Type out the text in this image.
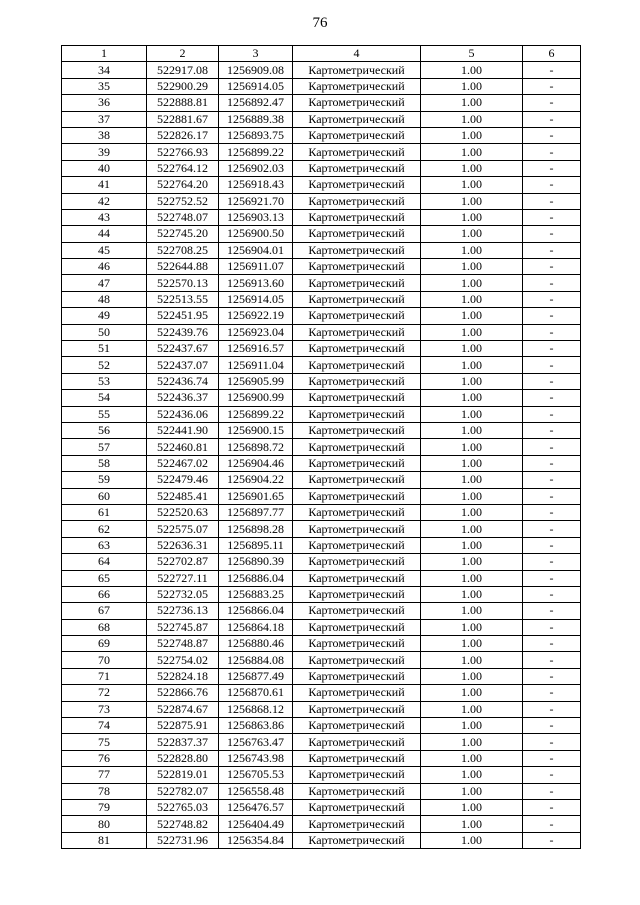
76
1	2	3	4	5	6
34	522917.08	1256909.08	Картометрический	1.00	-
35	522900.29	1256914.05	Картометрический	1.00	-
36	522888.81	1256892.47	Картометрический	1.00	-
37	522881.67	1256889.38	Картометрический	1.00	-
38	522826.17	1256893.75	Картометрический	1.00	-
39	522766.93	1256899.22	Картометрический	1.00	-
40	522764.12	1256902.03	Картометрический	1.00	-
41	522764.20	1256918.43	Картометрический	1.00	-
42	522752.52	1256921.70	Картометрический	1.00	-
43	522748.07	1256903.13	Картометрический	1.00	-
44	522745.20	1256900.50	Картометрический	1.00	-
45	522708.25	1256904.01	Картометрический	1.00	-
46	522644.88	1256911.07	Картометрический	1.00	-
47	522570.13	1256913.60	Картометрический	1.00	-
48	522513.55	1256914.05	Картометрический	1.00	-
49	522451.95	1256922.19	Картометрический	1.00	-
50	522439.76	1256923.04	Картометрический	1.00	-
51	522437.67	1256916.57	Картометрический	1.00	-
52	522437.07	1256911.04	Картометрический	1.00	-
53	522436.74	1256905.99	Картометрический	1.00	-
54	522436.37	1256900.99	Картометрический	1.00	-
55	522436.06	1256899.22	Картометрический	1.00	-
56	522441.90	1256900.15	Картометрический	1.00	-
57	522460.81	1256898.72	Картометрический	1.00	-
58	522467.02	1256904.46	Картометрический	1.00	-
59	522479.46	1256904.22	Картометрический	1.00	-
60	522485.41	1256901.65	Картометрический	1.00	-
61	522520.63	1256897.77	Картометрический	1.00	-
62	522575.07	1256898.28	Картометрический	1.00	-
63	522636.31	1256895.11	Картометрический	1.00	-
64	522702.87	1256890.39	Картометрический	1.00	-
65	522727.11	1256886.04	Картометрический	1.00	-
66	522732.05	1256883.25	Картометрический	1.00	-
67	522736.13	1256866.04	Картометрический	1.00	-
68	522745.87	1256864.18	Картометрический	1.00	-
69	522748.87	1256880.46	Картометрический	1.00	-
70	522754.02	1256884.08	Картометрический	1.00	-
71	522824.18	1256877.49	Картометрический	1.00	-
72	522866.76	1256870.61	Картометрический	1.00	-
73	522874.67	1256868.12	Картометрический	1.00	-
74	522875.91	1256863.86	Картометрический	1.00	-
75	522837.37	1256763.47	Картометрический	1.00	-
76	522828.80	1256743.98	Картометрический	1.00	-
77	522819.01	1256705.53	Картометрический	1.00	-
78	522782.07	1256558.48	Картометрический	1.00	-
79	522765.03	1256476.57	Картометрический	1.00	-
80	522748.82	1256404.49	Картометрический	1.00	-
81	522731.96	1256354.84	Картометрический	1.00	-
